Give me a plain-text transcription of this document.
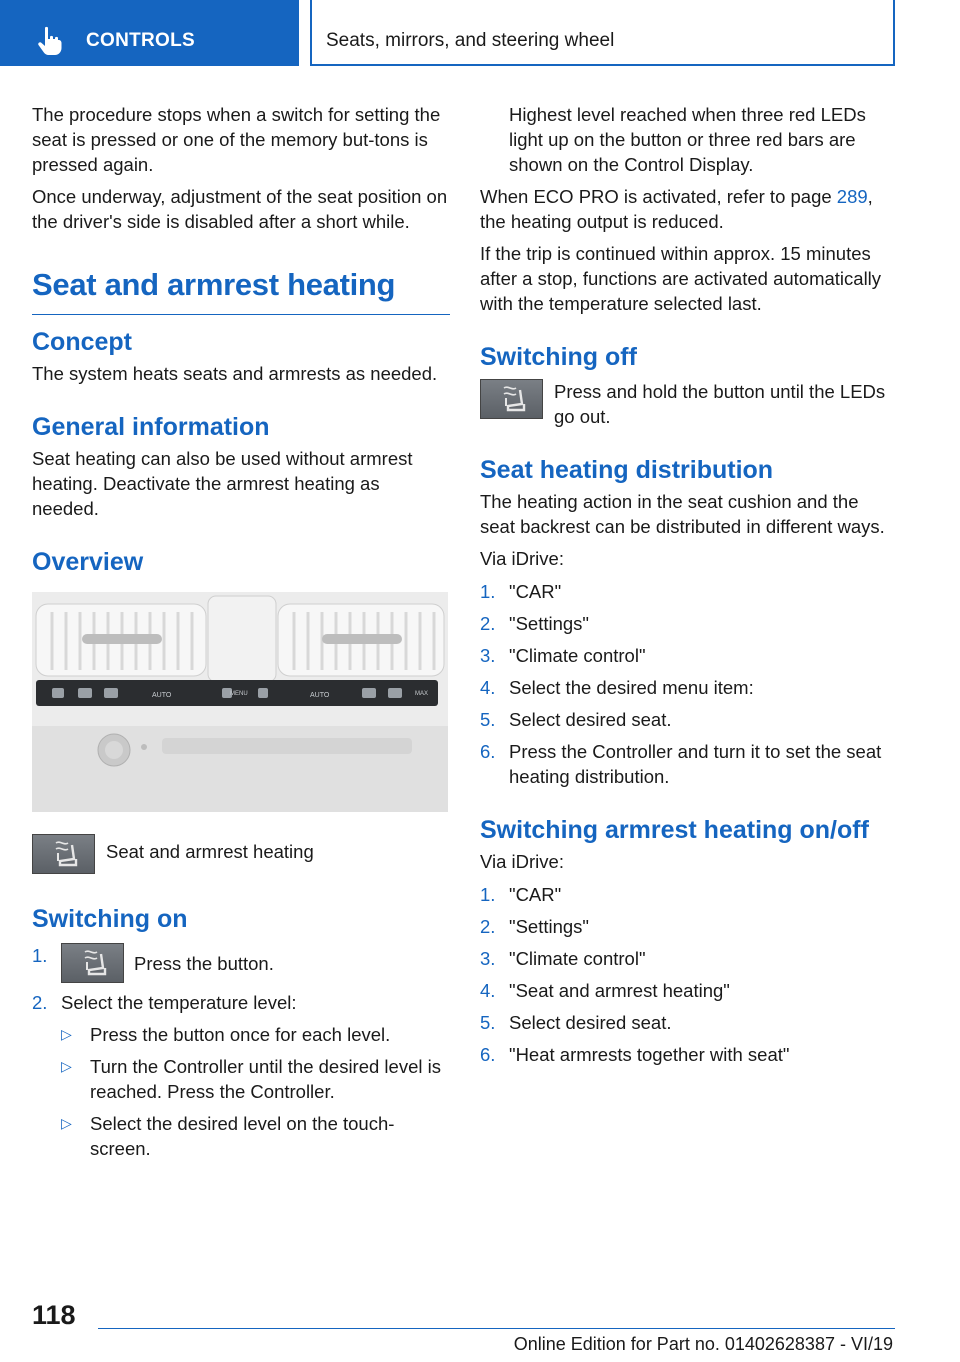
CONTROLS	Seats, mirrors, and steering wheel

The procedure stops when a switch for setting the seat is pressed or one of the memory but-tons is pressed again.

Once underway, adjustment of the seat position on the driver's side is disabled after a short while.

Seat and armrest heating
Concept

The system heats seats and armrests as needed.

General information

Seat heating can also be used without armrest heating. Deactivate the armrest heating as needed.

Overview
AUTO	MENU	AUTO	MAX
Seat and armrest heating
Switching on
1.	Press the button.
2. Select the temperature level:
▷ Press the button once for each level.
▷ Turn the Controller until the desired level is reached. Press the Controller.
▷ Select the desired level on the touch-screen.

Highest level reached when three red LEDs light up on the button or three red bars are shown on the Control Display.

When ECO PRO is activated, refer to page 289, the heating output is reduced.

If the trip is continued within approx. 15 minutes after a stop, functions are activated automatically with the temperature selected last.

Switching off
Press and hold the button until the LEDs go out.
Seat heating distribution

The heating action in the seat cushion and the seat backrest can be distributed in different ways.

Via iDrive:

1. "CAR"
2. "Settings"
3. "Climate control"
4. Select the desired menu item:
5. Select desired seat.
6. Press the Controller and turn it to set the seat heating distribution.
Switching armrest heating on/off

Via iDrive:

1. "CAR"
2. "Settings"
3. "Climate control"
4. "Seat and armrest heating"
5. Select desired seat.
6. "Heat armrests together with seat"
118
Online Edition for Part no. 01402628387 - VI/19
